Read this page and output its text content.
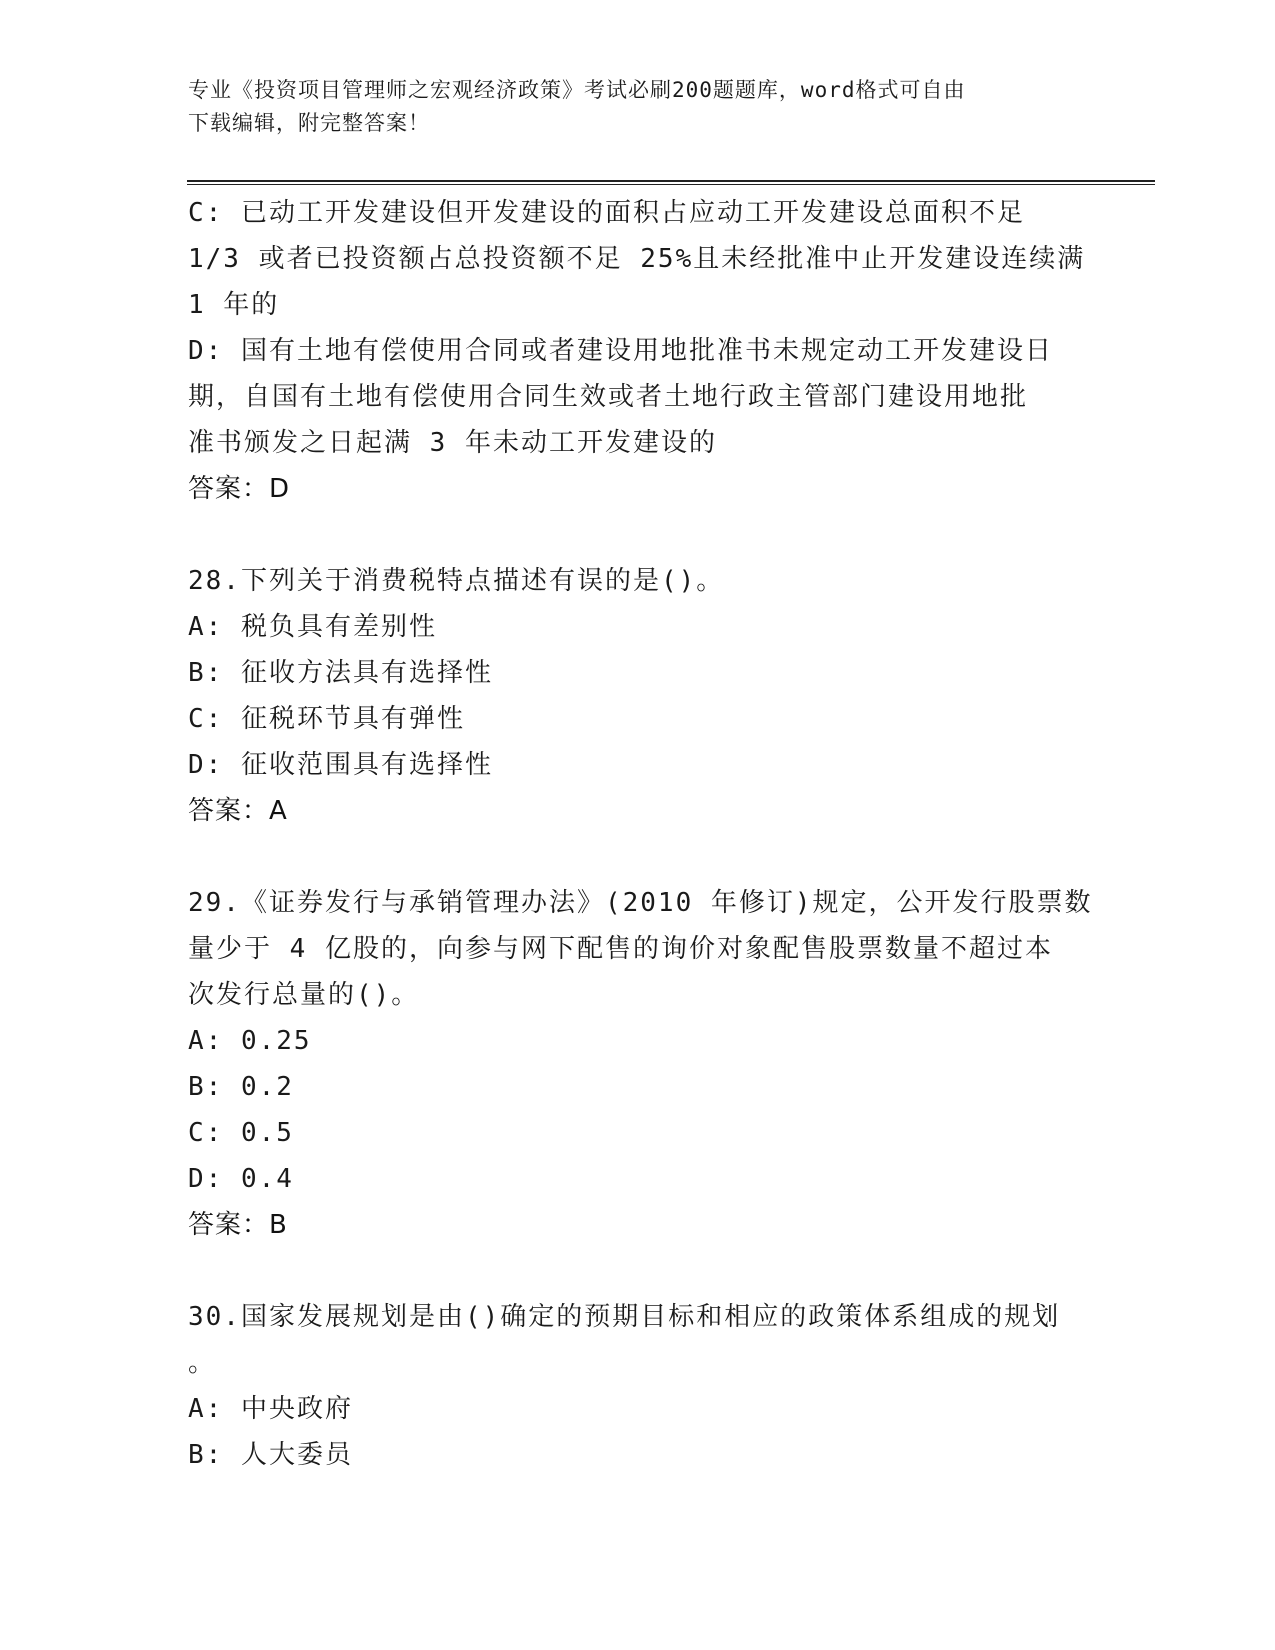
专业《投资项目管理师之宏观经济政策》考试必刷200题题库，word格式可自由
下载编辑，附完整答案！
C: 已动工开发建设但开发建设的面积占应动工开发建设总面积不足
1/3 或者已投资额占总投资额不足 25%且未经批准中止开发建设连续满
1 年的
D: 国有土地有偿使用合同或者建设用地批准书未规定动工开发建设日
期，自国有土地有偿使用合同生效或者土地行政主管部门建设用地批
准书颁发之日起满 3 年未动工开发建设的
答案：D
28.下列关于消费税特点描述有误的是()。
A: 税负具有差别性
B: 征收方法具有选择性
C: 征税环节具有弹性
D: 征收范围具有选择性
答案：A
29.《证券发行与承销管理办法》(2010 年修订)规定，公开发行股票数
量少于 4 亿股的，向参与网下配售的询价对象配售股票数量不超过本
次发行总量的()。
A: 0.25
B: 0.2
C: 0.5
D: 0.4
答案：B
30.国家发展规划是由()确定的预期目标和相应的政策体系组成的规划
。
A: 中央政府
B: 人大委员
